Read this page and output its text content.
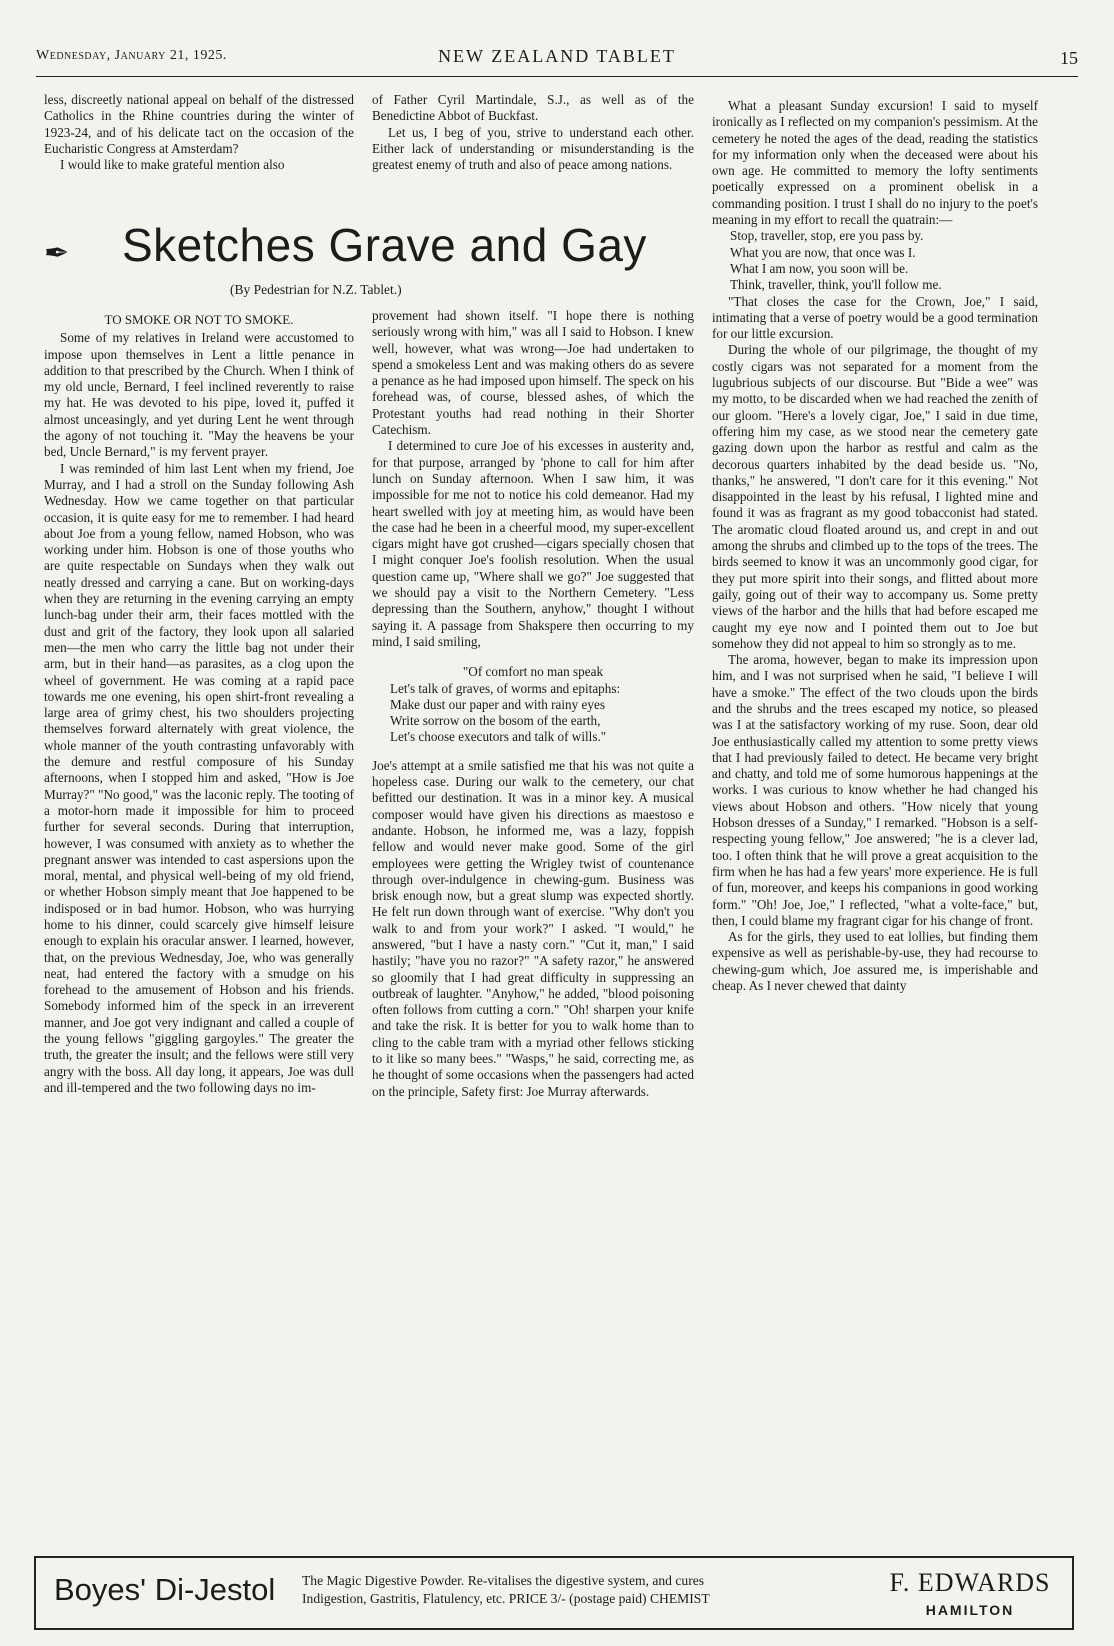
Wednesday, January 21, 1925.	NEW ZEALAND TABLET	15

less, discreetly national appeal on behalf of the distressed Catholics in the Rhine countries during the winter of 1923-24, and of his delicate tact on the occasion of the Eucharistic Congress at Amsterdam?

I would like to make grateful mention also

of Father Cyril Martindale, S.J., as well as of the Benedictine Abbot of Buckfast.

Let us, I beg of you, strive to understand each other. Either lack of understanding or misunderstanding is the greatest enemy of truth and also of peace among nations.

✒ Sketches Grave and Gay
(By Pedestrian for N.Z. Tablet.)
TO SMOKE OR NOT TO SMOKE.

Some of my relatives in Ireland were accustomed to impose upon themselves in Lent a little penance in addition to that prescribed by the Church. When I think of my old uncle, Bernard, I feel inclined reverently to raise my hat. He was devoted to his pipe, loved it, puffed it almost unceasingly, and yet during Lent he went through the agony of not touching it. "May the heavens be your bed, Uncle Bernard," is my fervent prayer.

I was reminded of him last Lent when my friend, Joe Murray, and I had a stroll on the Sunday following Ash Wednesday. How we came together on that particular occasion, it is quite easy for me to remember. I had heard about Joe from a young fellow, named Hobson, who was working under him. Hobson is one of those youths who are quite respectable on Sundays when they walk out neatly dressed and carrying a cane. But on working-days when they are returning in the evening carrying an empty lunch-bag under their arm, their faces mottled with the dust and grit of the factory, they look upon all salaried men—the men who carry the little bag not under their arm, but in their hand—as parasites, as a clog upon the wheel of government. He was coming at a rapid pace towards me one evening, his open shirt-front revealing a large area of grimy chest, his two shoulders projecting themselves forward alternately with great violence, the whole manner of the youth contrasting unfavorably with the demure and restful composure of his Sunday afternoons, when I stopped him and asked, "How is Joe Murray?" "No good," was the laconic reply. The tooting of a motor-horn made it impossible for him to proceed further for several seconds. During that interruption, however, I was consumed with anxiety as to whether the pregnant answer was intended to cast aspersions upon the moral, mental, and physical well-being of my old friend, or whether Hobson simply meant that Joe happened to be indisposed or in bad humor. Hobson, who was hurrying home to his dinner, could scarcely give himself leisure enough to explain his oracular answer. I learned, however, that, on the previous Wednesday, Joe, who was generally neat, had entered the factory with a smudge on his forehead to the amusement of Hobson and his friends. Somebody informed him of the speck in an irreverent manner, and Joe got very indignant and called a couple of the young fellows "giggling gargoyles." The greater the truth, the greater the insult; and the fellows were still very angry with the boss. All day long, it appears, Joe was dull and ill-tempered and the two following days no im-

provement had shown itself. "I hope there is nothing seriously wrong with him," was all I said to Hobson. I knew well, however, what was wrong—Joe had undertaken to spend a smokeless Lent and was making others do as severe a penance as he had imposed upon himself. The speck on his forehead was, of course, blessed ashes, of which the Protestant youths had read nothing in their Shorter Catechism.

I determined to cure Joe of his excesses in austerity and, for that purpose, arranged by 'phone to call for him after lunch on Sunday afternoon. When I saw him, it was impossible for me not to notice his cold demeanor. Had my heart swelled with joy at meeting him, as would have been the case had he been in a cheerful mood, my super-excellent cigars might have got crushed—cigars specially chosen that I might conquer Joe's foolish resolution. When the usual question came up, "Where shall we go?" Joe suggested that we should pay a visit to the Northern Cemetery. "Less depressing than the Southern, anyhow," thought I without saying it. A passage from Shakspere then occurring to my mind, I said smiling,

"Of comfort no man speak
Let's talk of graves, of worms and epitaphs:
Make dust our paper and with rainy eyes
Write sorrow on the bosom of the earth,
Let's choose executors and talk of wills."

Joe's attempt at a smile satisfied me that his was not quite a hopeless case. During our walk to the cemetery, our chat befitted our destination. It was in a minor key. A musical composer would have given his directions as maestoso e andante. Hobson, he informed me, was a lazy, foppish fellow and would never make good. Some of the girl employees were getting the Wrigley twist of countenance through over-indulgence in chewing-gum. Business was brisk enough now, but a great slump was expected shortly. He felt run down through want of exercise. "Why don't you walk to and from your work?" I asked. "I would," he answered, "but I have a nasty corn." "Cut it, man," I said hastily; "have you no razor?" "A safety razor," he answered so gloomily that I had great difficulty in suppressing an outbreak of laughter. "Anyhow," he added, "blood poisoning often follows from cutting a corn." "Oh! sharpen your knife and take the risk. It is better for you to walk home than to cling to the cable tram with a myriad other fellows sticking to it like so many bees." "Wasps," he said, correcting me, as he thought of some occasions when the passengers had acted on the principle, Safety first: Joe Murray afterwards.

What a pleasant Sunday excursion! I said to myself ironically as I reflected on my companion's pessimism. At the cemetery he noted the ages of the dead, reading the statistics for my information only when the deceased were about his own age. He committed to memory the lofty sentiments poetically expressed on a prominent obelisk in a commanding position. I trust I shall do no injury to the poet's meaning in my effort to recall the quatrain:—

Stop, traveller, stop, ere you pass by.
What you are now, that once was I.
What I am now, you soon will be.
Think, traveller, think, you'll follow me.

"That closes the case for the Crown, Joe," I said, intimating that a verse of poetry would be a good termination for our little excursion.

During the whole of our pilgrimage, the thought of my costly cigars was not separated for a moment from the lugubrious subjects of our discourse. But "Bide a wee" was my motto, to be discarded when we had reached the zenith of our gloom. "Here's a lovely cigar, Joe," I said in due time, offering him my case, as we stood near the cemetery gate gazing down upon the harbor as restful and calm as the decorous quarters inhabited by the dead beside us. "No, thanks," he answered, "I don't care for it this evening." Not disappointed in the least by his refusal, I lighted mine and found it was as fragrant as my good tobacconist had stated. The aromatic cloud floated around us, and crept in and out among the shrubs and climbed up to the tops of the trees. The birds seemed to know it was an uncommonly good cigar, for they put more spirit into their songs, and flitted about more gaily, going out of their way to accompany us. Some pretty views of the harbor and the hills that had before escaped me caught my eye now and I pointed them out to Joe but somehow they did not appeal to him so strongly as to me.

The aroma, however, began to make its impression upon him, and I was not surprised when he said, "I believe I will have a smoke." The effect of the two clouds upon the birds and the shrubs and the trees escaped my notice, so pleased was I at the satisfactory working of my ruse. Soon, dear old Joe enthusiastically called my attention to some pretty views that I had previously failed to detect. He became very bright and chatty, and told me of some humorous happenings at the works. I was curious to know whether he had changed his views about Hobson and others. "How nicely that young Hobson dresses of a Sunday," I remarked. "Hobson is a self-respecting young fellow," Joe answered; "he is a clever lad, too. I often think that he will prove a great acquisition to the firm when he has had a few years' more experience. He is full of fun, moreover, and keeps his companions in good working form." "Oh! Joe, Joe," I reflected, "what a volte-face," but, then, I could blame my fragrant cigar for his change of front.

As for the girls, they used to eat lollies, but finding them expensive as well as perishable-by-use, they had recourse to chewing-gum which, Joe assured me, is imperishable and cheap. As I never chewed that dainty

Boyes' Di-Jestol The Magic Digestive Powder. Re-vitalises the digestive system, and cures
Indigestion, Gastritis, Flatulency, etc. PRICE 3/- (postage paid) CHEMIST
F. EDWARDS
HAMILTON
